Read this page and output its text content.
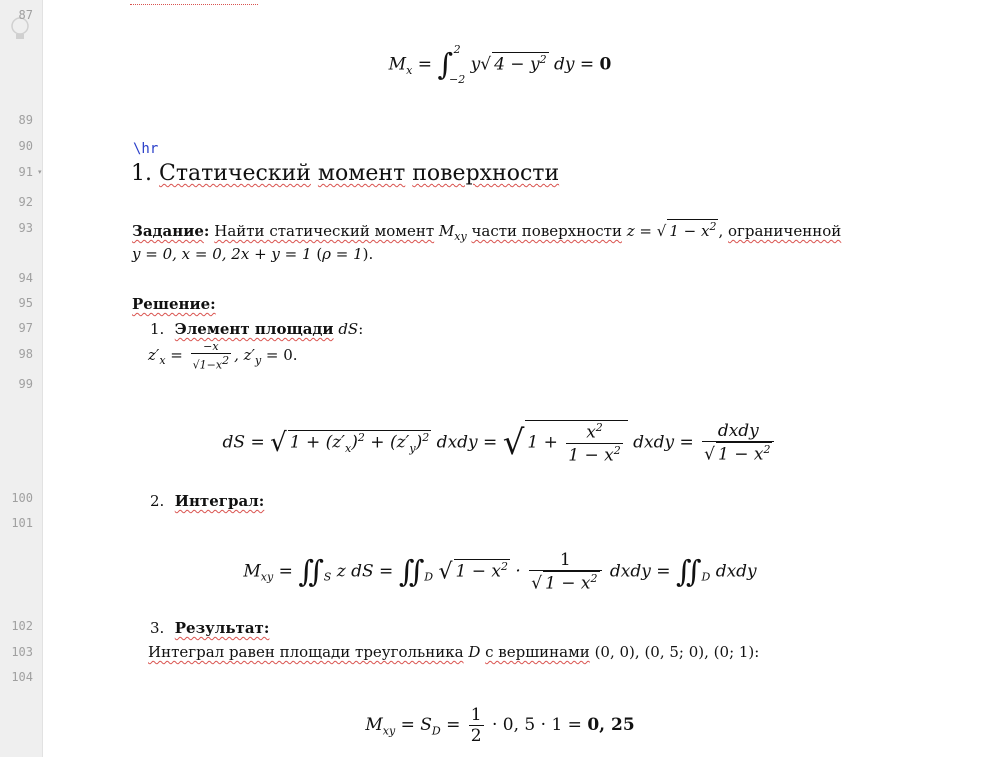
87
89
90
91
92
93
94
95
97
98
99
100
101
102
103
104
▾
$M_x$ = ∫ 2
−2
y√ $4 - y^2$ dy = 0
\hr
1. Статический момент поверхности
Задание: Найти статический момент $M_{xy}$ части поверхности z = √ $1 - x^2$ , ограниченной
y = 0, x = 0, 2x + y = 1 (ρ = 1).
Решение:
1. Элемент площади dS:
$z'_x = \frac{-x}{√1-x^2}$ , $z'_y = 0$.
dS = √ $1 + (z'_x)^2 + (z'_y)^2$ dxdy = √ $1 + \frac{x^2}{1 - x^2}$ dxdy = $\frac{\text{dxdy}}{√ 1 - x^2}$
2. Интеграл:
$M_{xy}$ = $∬_S$ z dS = $∬_D$ √ $1 - x^2 \cdot \frac{1}{√ 1 - x^2}$ dxdy = $∬_D$ dxdy
3. Результат:
Интеграл равен площади треугольника D с вершинами (0, 0), (0, 5; 0), (0; 1):
$M_{xy} = S_D = \frac{1}{2} \cdot 0$, 5 · 1 = 0, 25
